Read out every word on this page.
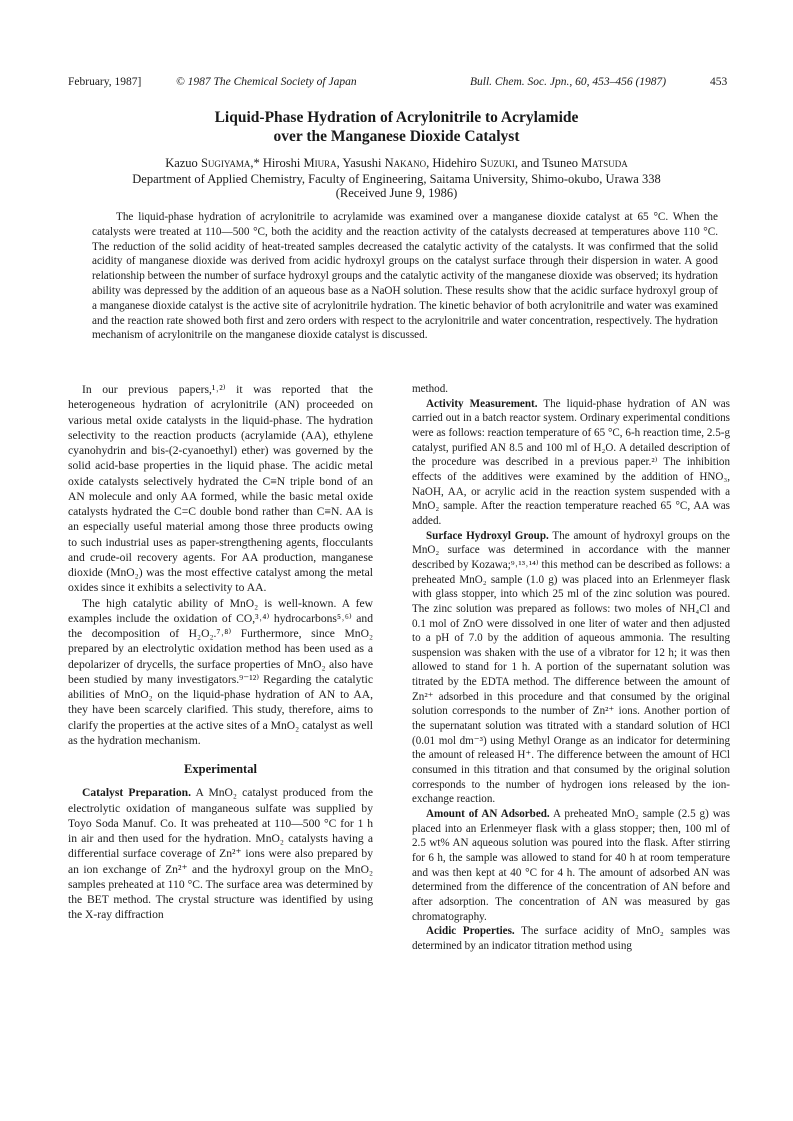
February, 1987]	© 1987 The Chemical Society of Japan	Bull. Chem. Soc. Jpn., 60, 453–456 (1987)	453
Liquid-Phase Hydration of Acrylonitrile to Acrylamide
over the Manganese Dioxide Catalyst
Kazuo Sugiyama,* Hiroshi Miura, Yasushi Nakano, Hidehiro Suzuki, and Tsuneo Matsuda
Department of Applied Chemistry, Faculty of Engineering, Saitama University, Shimo-okubo, Urawa 338
(Received June 9, 1986)

The liquid-phase hydration of acrylonitrile to acrylamide was examined over a manganese dioxide catalyst at 65 °C. When the catalysts were treated at 110—500 °C, both the acidity and the reaction activity of the catalysts decreased at temperatures above 110 °C. The reduction of the solid acidity of heat-treated samples decreased the catalytic activity of the catalysts. It was confirmed that the solid acidity of manganese dioxide was derived from acidic hydroxyl groups on the catalyst surface through their dispersion in water. A good relationship between the number of surface hydroxyl groups and the catalytic activity of the manganese dioxide was observed; its hydration ability was depressed by the addition of an aqueous base as a NaOH solution. These results show that the acidic surface hydroxyl group of a manganese dioxide catalyst is the active site of acrylonitrile hydration. The kinetic behavior of both acrylonitrile and water was examined and the reaction rate showed both first and zero orders with respect to the acrylonitrile and water concentration, respectively. The hydration mechanism of acrylonitrile on the manganese dioxide catalyst is discussed.

In our previous papers,¹˒²⁾ it was reported that the heterogeneous hydration of acrylonitrile (AN) proceeded on various metal oxide catalysts in the liquid-phase. The hydration selectivity to the reaction products (acrylamide (AA), ethylene cyanohydrin and bis-(2-cyanoethyl) ether) was governed by the solid acid-base properties in the liquid phase. The acidic metal oxide catalysts selectively hydrated the C≡N triple bond of an AN molecule and only AA formed, while the basic metal oxide catalysts hydrated the C=C double bond rather than C≡N. AA is an especially useful material among those three products owing to such industrial uses as paper-strengthening agents, flocculants and crude-oil recovery agents. For AA production, manganese dioxide (MnO₂) was the most effective catalyst among the metal oxides since it exhibits a selectivity to AA.

The high catalytic ability of MnO₂ is well-known. A few examples include the oxidation of CO,³˒⁴⁾ hydrocarbons⁵˒⁶⁾ and the decomposition of H₂O₂.⁷˒⁸⁾ Furthermore, since MnO₂ prepared by an electrolytic oxidation method has been used as a depolarizer of drycells, the surface properties of MnO₂ also have been studied by many investigators.⁹⁻¹²⁾ Regarding the catalytic abilities of MnO₂ on the liquid-phase hydration of AN to AA, they have been scarcely clarified. This study, therefore, aims to clarify the properties at the active sites of a MnO₂ catalyst as well as the hydration mechanism.

Experimental

Catalyst Preparation. A MnO₂ catalyst produced from the electrolytic oxidation of manganeous sulfate was supplied by Toyo Soda Manuf. Co. It was preheated at 110—500 °C for 1 h in air and then used for the hydration. MnO₂ catalysts having a differential surface coverage of Zn²⁺ ions were also prepared by an ion exchange of Zn²⁺ and the hydroxyl group on the MnO₂ samples preheated at 110 °C. The surface area was determined by the BET method. The crystal structure was identified by using the X-ray diffraction

method.

Activity Measurement. The liquid-phase hydration of AN was carried out in a batch reactor system. Ordinary experimental conditions were as follows: reaction temperature of 65 °C, 6-h reaction time, 2.5-g catalyst, purified AN 8.5 and 100 ml of H₂O. A detailed description of the procedure was described in a previous paper.²⁾ The inhibition effects of the additives were examined by the addition of HNO₃, NaOH, AA, or acrylic acid in the reaction system suspended with a MnO₂ sample. After the reaction temperature reached 65 °C, AA was added.

Surface Hydroxyl Group. The amount of hydroxyl groups on the MnO₂ surface was determined in accordance with the manner described by Kozawa;⁹˒¹³˒¹⁴⁾ this method can be described as follows: a preheated MnO₂ sample (1.0 g) was placed into an Erlenmeyer flask with glass stopper, into which 25 ml of the zinc solution was poured. The zinc solution was prepared as follows: two moles of NH₄Cl and 0.1 mol of ZnO were dissolved in one liter of water and then adjusted to a pH of 7.0 by the addition of aqueous ammonia. The resulting suspension was shaken with the use of a vibrator for 12 h; it was then allowed to stand for 1 h. A portion of the supernatant solution was titrated by the EDTA method. The difference between the amount of Zn²⁺ adsorbed in this procedure and that consumed by the original solution corresponds to the number of Zn²⁺ ions. Another portion of the supernatant solution was titrated with a standard solution of HCl (0.01 mol dm⁻³) using Methyl Orange as an indicator for determining the amount of released H⁺. The difference between the amount of HCl consumed in this titration and that consumed by the original solution corresponds to the number of hydrogen ions released by the ion-exchange reaction.

Amount of AN Adsorbed. A preheated MnO₂ sample (2.5 g) was placed into an Erlenmeyer flask with a glass stopper; then, 100 ml of 2.5 wt% AN aqueous solution was poured into the flask. After stirring for 6 h, the sample was allowed to stand for 40 h at room temperature and was then kept at 40 °C for 4 h. The amount of adsorbed AN was determined from the difference of the concentration of AN before and after adsorption. The concentration of AN was measured by gas chromatography.

Acidic Properties. The surface acidity of MnO₂ samples was determined by an indicator titration method using
